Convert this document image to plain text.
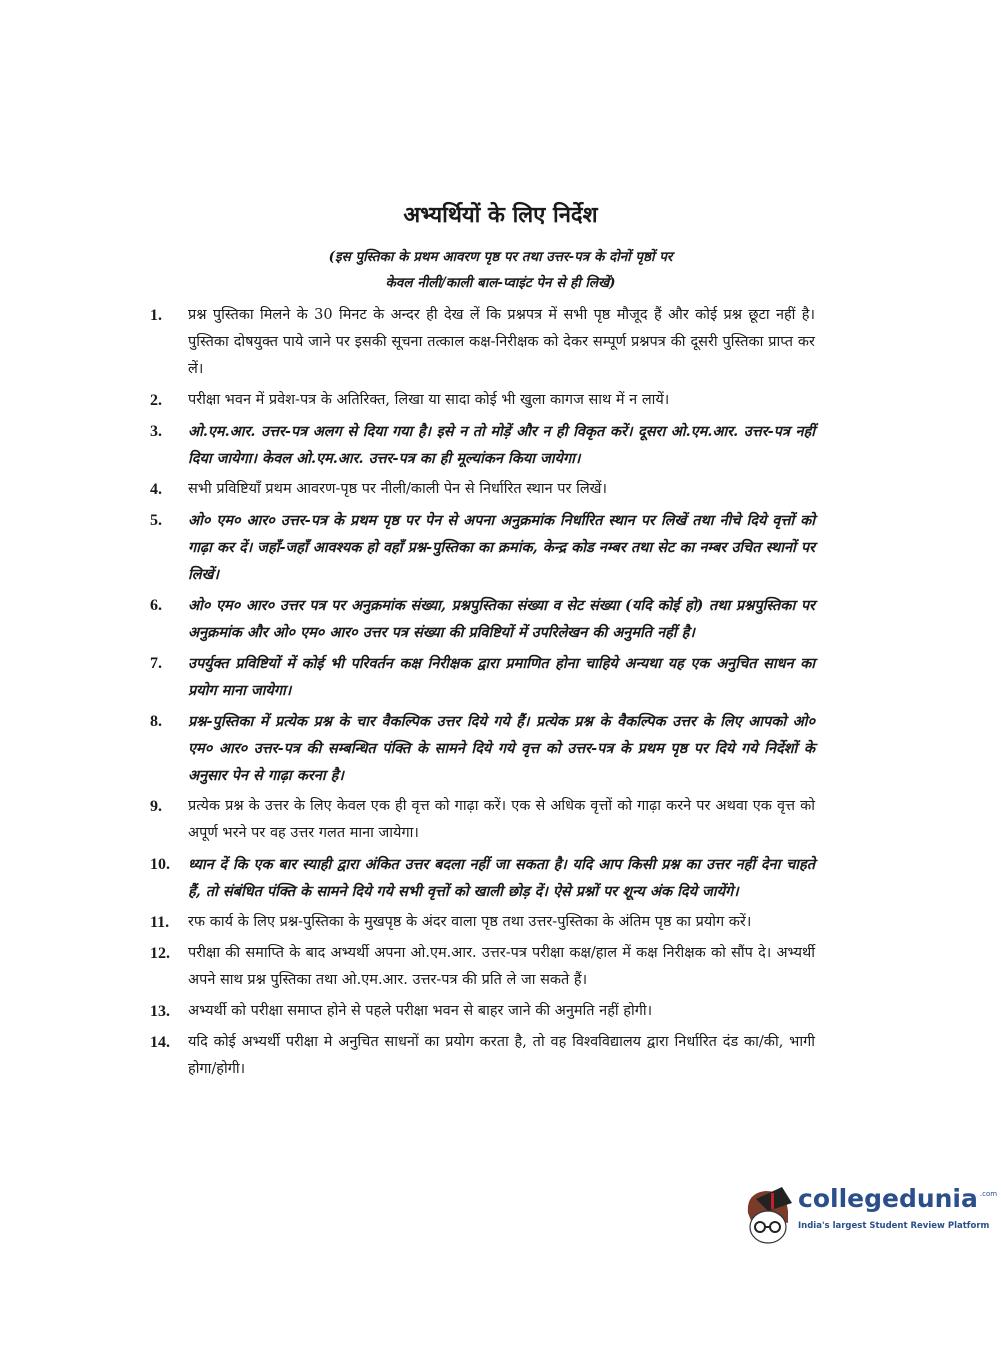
अभ्यर्थियों के लिए निर्देश
(इस पुस्तिका के प्रथम आवरण पृष्ठ पर तथा उत्तर-पत्र के दोनों पृष्ठों पर
केवल नीली/काली बाल-प्वाइंट पेन से ही लिखें)
1. प्रश्न पुस्तिका मिलने के 30 मिनट के अन्दर ही देख लें कि प्रश्नपत्र में सभी पृष्ठ मौजूद हैं और कोई प्रश्न छूटा नहीं है। पुस्तिका दोषयुक्त पाये जाने पर इसकी सूचना तत्काल कक्ष-निरीक्षक को देकर सम्पूर्ण प्रश्नपत्र की दूसरी पुस्तिका प्राप्त कर लें।
2. परीक्षा भवन में प्रवेश-पत्र के अतिरिक्त, लिखा या सादा कोई भी खुला कागज साथ में न लायें।
3. ओ.एम.आर. उत्तर-पत्र अलग से दिया गया है। इसे न तो मोड़ें और न ही विकृत करें। दूसरा ओ.एम.आर. उत्तर-पत्र नहीं दिया जायेगा। केवल ओ.एम.आर. उत्तर-पत्र का ही मूल्यांकन किया जायेगा।
4. सभी प्रविष्टियाँ प्रथम आवरण-पृष्ठ पर नीली/काली पेन से निर्धारित स्थान पर लिखें।
5. ओ० एम० आर० उत्तर-पत्र के प्रथम पृष्ठ पर पेन से अपना अनुक्रमांक निर्धारित स्थान पर लिखें तथा नीचे दिये वृत्तों को गाढ़ा कर दें। जहाँ-जहाँ आवश्यक हो वहाँ प्रश्न-पुस्तिका का क्रमांक, केन्द्र कोड नम्बर तथा सेट का नम्बर उचित स्थानों पर लिखें।
6. ओ० एम० आर० उत्तर पत्र पर अनुक्रमांक संख्या, प्रश्नपुस्तिका संख्या व सेट संख्या (यदि कोई हो) तथा प्रश्नपुस्तिका पर अनुक्रमांक और ओ० एम० आर० उत्तर पत्र संख्या की प्रविष्टियों में उपरिलेखन की अनुमति नहीं है।
7. उपर्युक्त प्रविष्टियों में कोई भी परिवर्तन कक्ष निरीक्षक द्वारा प्रमाणित होना चाहिये अन्यथा यह एक अनुचित साधन का प्रयोग माना जायेगा।
8. प्रश्न-पुस्तिका में प्रत्येक प्रश्न के चार वैकल्पिक उत्तर दिये गये हैं। प्रत्येक प्रश्न के वैकल्पिक उत्तर के लिए आपको ओ० एम० आर० उत्तर-पत्र की सम्बन्धित पंक्ति के सामने दिये गये वृत्त को उत्तर-पत्र के प्रथम पृष्ठ पर दिये गये निर्देशों के अनुसार पेन से गाढ़ा करना है।
9. प्रत्येक प्रश्न के उत्तर के लिए केवल एक ही वृत्त को गाढ़ा करें। एक से अधिक वृत्तों को गाढ़ा करने पर अथवा एक वृत्त को अपूर्ण भरने पर वह उत्तर गलत माना जायेगा।
10. ध्यान दें कि एक बार स्याही द्वारा अंकित उत्तर बदला नहीं जा सकता है। यदि आप किसी प्रश्न का उत्तर नहीं देना चाहते हैं, तो संबंधित पंक्ति के सामने दिये गये सभी वृत्तों को खाली छोड़ दें। ऐसे प्रश्नों पर शून्य अंक दिये जायेंगे।
11. रफ कार्य के लिए प्रश्न-पुस्तिका के मुखपृष्ठ के अंदर वाला पृष्ठ तथा उत्तर-पुस्तिका के अंतिम पृष्ठ का प्रयोग करें।
12. परीक्षा की समाप्ति के बाद अभ्यर्थी अपना ओ.एम.आर. उत्तर-पत्र परीक्षा कक्ष/हाल में कक्ष निरीक्षक को सौंप दे। अभ्यर्थी अपने साथ प्रश्न पुस्तिका तथा ओ.एम.आर. उत्तर-पत्र की प्रति ले जा सकते हैं।
13. अभ्यर्थी को परीक्षा समाप्त होने से पहले परीक्षा भवन से बाहर जाने की अनुमति नहीं होगी।
14. यदि कोई अभ्यर्थी परीक्षा मे अनुचित साधनों का प्रयोग करता है, तो वह विश्वविद्यालय द्वारा निर्धारित दंड का/की, भागी होगा/होगी।
collegedunia .com
India's largest Student Review Platform
